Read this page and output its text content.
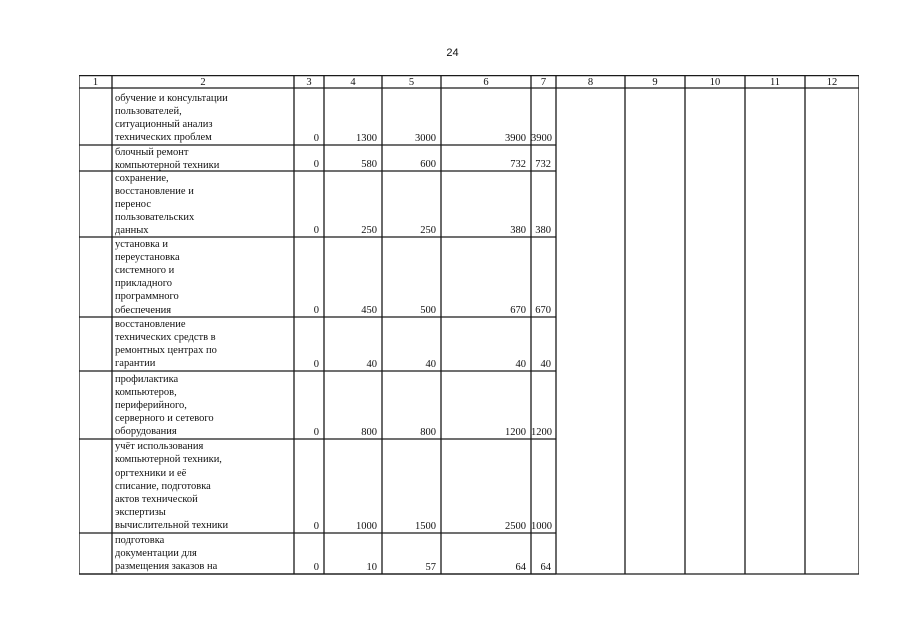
24
1	2	3	4	5	6	7	8	9	10	11	12
обучение и консультации
пользователей,
ситуационный анализ
технических проблем	0	1300	3000	3900 3900
блочный ремонт
компьютерной техники	0	580	600	732 732
сохранение,
восстановление и
перенос
пользовательских
данных	0	250	250	380 380
установка и
переустановка
системного и
прикладного
программного
обеспечения	0	450	500	670 670
восстановление
технических средств в
ремонтных центрах по
гарантии	0	40	40	40	40
профилактика
компьютеров,
периферийного,
серверного и сетевого
оборудования	0	800	800	1200 1200
учёт использования
компьютерной техники,
оргтехники и её
списание, подготовка
актов технической
экспертизы
вычислительной техники	0	1000	1500	2500 1000
подготовка
документации для
размещения заказов на	0	10	57	64	64
